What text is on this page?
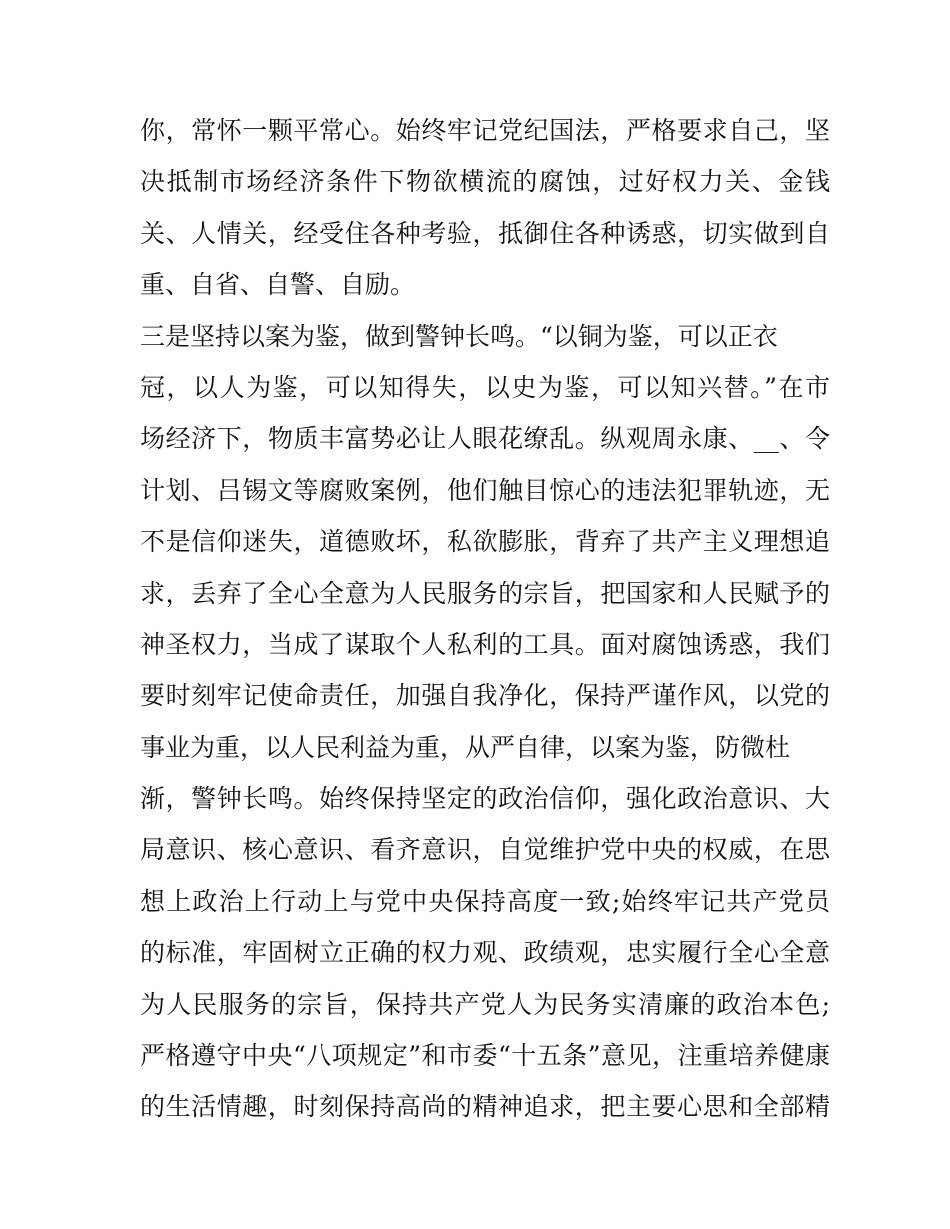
你，常怀一颗平常心。始终牢记党纪国法，严格要求自己，坚
决抵制市场经济条件下物欲横流的腐蚀，过好权力关、金钱
关、人情关，经受住各种考验，抵御住各种诱惑，切实做到自
重、自省、自警、自励。
三是坚持以案为鉴，做到警钟长鸣。“以铜为鉴，可以正衣
冠，以人为鉴，可以知得失，以史为鉴，可以知兴替。”在市
场经济下，物质丰富势必让人眼花缭乱。纵观周永康、__、令
计划、吕锡文等腐败案例，他们触目惊心的违法犯罪轨迹，无
不是信仰迷失，道德败坏，私欲膨胀，背弃了共产主义理想追
求，丢弃了全心全意为人民服务的宗旨，把国家和人民赋予的
神圣权力，当成了谋取个人私利的工具。面对腐蚀诱惑，我们
要时刻牢记使命责任，加强自我净化，保持严谨作风，以党的
事业为重，以人民利益为重，从严自律，以案为鉴，防微杜
渐，警钟长鸣。始终保持坚定的政治信仰，强化政治意识、大
局意识、核心意识、看齐意识，自觉维护党中央的权威，在思
想上政治上行动上与党中央保持高度一致;始终牢记共产党员
的标准，牢固树立正确的权力观、政绩观，忠实履行全心全意
为人民服务的宗旨，保持共产党人为民务实清廉的政治本色;
严格遵守中央“八项规定”和市委“十五条”意见，注重培养健康
的生活情趣，时刻保持高尚的精神追求，把主要心思和全部精
